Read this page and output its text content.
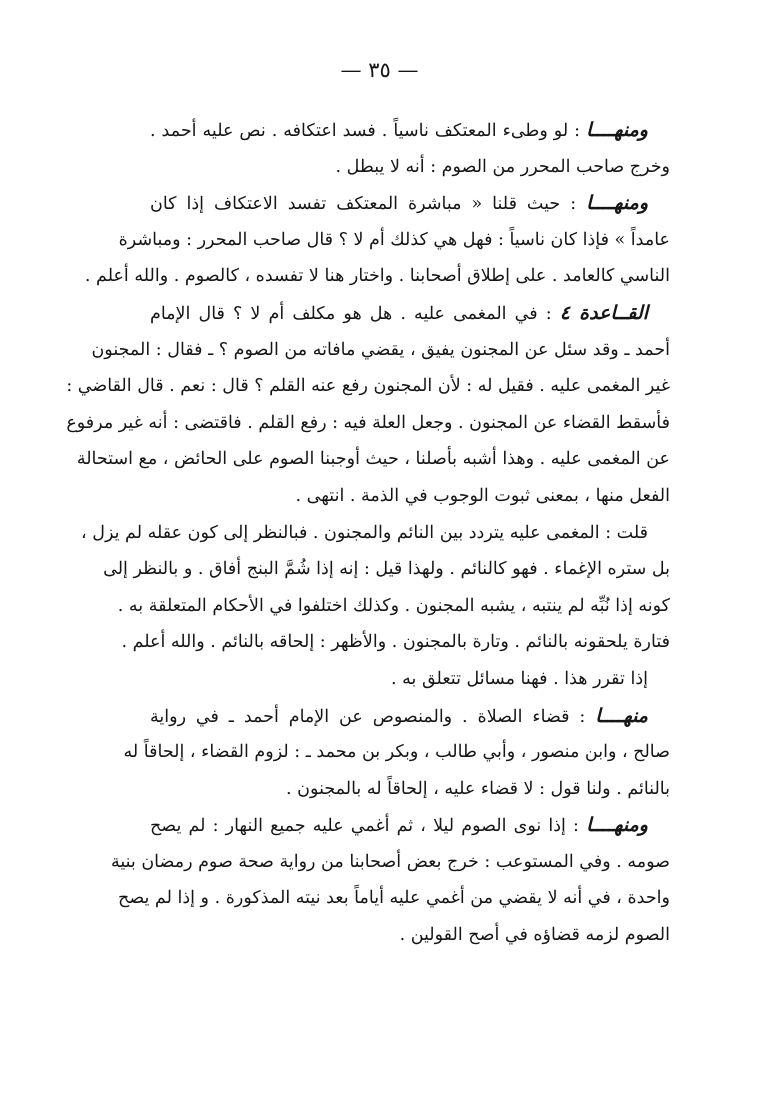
— ٣٥ —
ومنهــــا : لو وطىء المعتكف ناسياً . فسد اعتكافه . نص عليه أحمد .
وخرج صاحب المحرر من الصوم : أنه لا يبطل .
ومنهــــا : حيث قلنا « مباشرة المعتكف تفسد الاعتكاف إذا كان
عامداً » فإذا كان ناسياً : فهل هي كذلك أم لا ؟ قال صاحب المحرر : ومباشرة
الناسي كالعامد . على إطلاق أصحابنا . واختار هنا لا تفسده ، كالصوم . والله أعلم .
القــاعدة ٤ : في المغمى عليه . هل هو مكلف أم لا ؟ قال الإمام
أحمد ـ وقد سئل عن المجنون يفيق ، يقضي مافاته من الصوم ؟ ـ فقال : المجنون
غير المغمى عليه . فقيل له : لأن المجنون رفع عنه القلم ؟ قال : نعم . قال القاضي :
فأسقط القضاء عن المجنون . وجعل العلة فيه : رفع القلم . فاقتضى : أنه غير مرفوع
عن المغمى عليه . وهذا أشبه بأصلنا ، حيث أوجبنا الصوم على الحائض ، مع استحالة
الفعل منها ، بمعنى ثبوت الوجوب في الذمة . انتهى .
قلت : المغمى عليه يتردد بين النائم والمجنون . فبالنظر إلى كون عقله لم يزل ،
بل ستره الإغماء . فهو كالنائم . ولهذا قيل : إنه إذا شُمَّ البنج أفاق . و بالنظر إلى
كونه إذا نُبِّه لم ينتبه ، يشبه المجنون . وكذلك اختلفوا في الأحكام المتعلقة به .
فتارة يلحقونه بالنائم . وتارة بالمجنون . والأظهر : إلحاقه بالنائم . والله أعلم .
إذا تقرر هذا . فهنا مسائل تتعلق به .
منهــــا : قضاء الصلاة . والمنصوص عن الإمام أحمد ـ في رواية
صالح ، وابن منصور ، وأبي طالب ، وبكر بن محمد ـ : لزوم القضاء ، إلحاقاً له
بالنائم . ولنا قول : لا قضاء عليه ، إلحاقاً له بالمجنون .
ومنهــــا : إذا نوى الصوم ليلا ، ثم أغمي عليه جميع النهار : لم يصح
صومه . وفي المستوعب : خرج بعض أصحابنا من رواية صحة صوم رمضان بنية
واحدة ، في أنه لا يقضي من أغمي عليه أياماً بعد نيته المذكورة . و إذا لم يصح
الصوم لزمه قضاؤه في أصح القولين .
